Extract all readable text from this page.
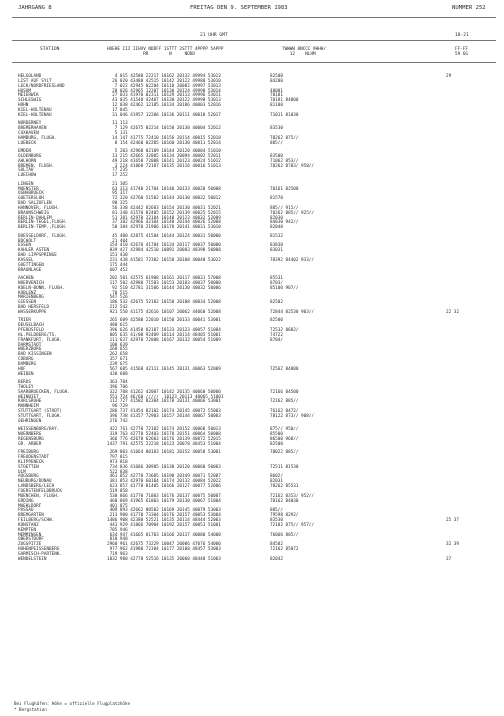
JAHRGANG 8	FREITAG DEN 9. SEPTEMBER 1983	NUMMER 252
21 UHR GMT	18-21
STATION	HOEHE III IIHVV NDDFF 1STTT 2STTT 4PPPP 5APPP
RR        N     NDDD
7WWWW 8NCCC 9HHH/
12    NLHM
FF-FF
59 GG
HELGOLAND	4 015 42580 22217 10162 20132 49994 53013	82500	29
LIST AUF SYLT	26 020 43480 42515 10142 20122 49980 53010	84200
LECK/NORDFRIESLAND	7 022 42945 02204 10110 20082 49997 53013
HUSUM	28 026 42965 12207 10130 20124 49998 53014	40001
MEIERWIK	27 033 41970 02311 10129 20113 49996 53011	70181
SCHLESWIG	43 035 41540 42407 10138 20122 49998 53013	70181 84800
HOHN	12 038 42462 12105 10134 20106 40003 52016	81100
KIEL-HOLTENAU	17 045
KIEL-HOLTENAU	31 046 41957 12206 10136 20111 40010 52017	71011 81030
NORDERNEY	11 113
BREMERHAVEN	7 129 42675 02214 10150 20130 40004 52012	83530
CUXHAVEN	5 131
HAMBURG, FLUGH.	14 147 41775 72410 10156 20114 40015 52018	70262 875//
LUEBECK	8 154 42460 82205 10160 20130 40011 52014	885//
EMDEN	5 203 42960 02109 10144 20120 40004 51010
OLDENBURG	13 215 42665 32005 10134 20094 40002 52011	83500
AHLHORN	49 218 41650 72008 10141 20123 40024 51012	71062 853//
BREMEN, FLUGH.	3 224 41868 72107 10135 20116 40016 51013	70262 8703/ 958//
SOLTAU	77 235
LUECHOW	17 252
LINGEN	21 305
MUENSTER	63 313 41740 21704 10140 20133 40020 50008	70161 82500
OSNABRUECK	95 317
GUETERSLOH	72 320 42760 51502 10144 20130 40032 50012	81570
BAD SALZUFLEN	98 325
HANNOVER, FLUGH.	56 338 42442 82603 10154 20130 40031 52021	885// 915//
BRAUNSCHWEIG	81 348 41570 82405 10152 20139 40025 52015	70262 885// 925//
BERLIN-DAHLEM	51 381 42970 22104 10148 20123 40032 52009	82030
BERLIN-TEGEL,FLUGH.	37 382 42966 42104 10148 20144 40026 52008	84030 942//
BERLIN-TEMP.,FLUGH.	50 384 42970 21906 10170 20141 40031 53010	82040
DUESSELDORF, FLUGH.	45 400 42875 41504 10144 20124 40031 50000	81532
BOCHOLT	21 404
ESSEN	154 410 42670 41704 10134 20117 40037 50000	83830
KAHLER ASTEN	839 427 42984 42510 10091 20083 48390 50008	83031
BAD LIPPSPRINGE	151 430
KASSEL	231 438 41581 72302 10158 20108 40040 53022	70392 84402 933//
GOETTINGEN	175 444
BRAUNLAGE	607 452
AACHEN	202 501 42575 61908 10161 20117 40031 57008	85531
NOERVENICH	117 502 42980 71503 10153 20103 40037 50000	8703/
KOELN-BONN, FLUGH.	92 510 42781 31506 10144 20130 40032 50006	85100 907//
KOBLENZ	70 515
MARIENBERG	547 526
GIESSEN	186 532 42675 52102 10158 20108 40034 52008	82502
BAD HERSFELD	212 542
WASSERKUPPE	921 550 41175 42616 10107 20062 44060 52008	72844 82530 903//	22 32
TRIER	265 609 42580 22010 10150 20133 40041 53001	82500
DEUSELBACH	480 615
PFERDSFELD	396 626 41450 82107 10133 20123 40057 51004	72532 8682/
HL.PELDBERG/TS.	805 635 41/00 92409 10114 20114 48405 51001	74722
FRANKFURT, FLUGH.	111 637 42970 72008 10167 20132 40054 51009	8704/
DARMSTADT	108 639
WUERZBURG	268 655
BAD KISSINGEN	262 658
COBURG	357 671
BAMBERG	239 675
HOF	567 685 41568 42111 10145 20131 40063 52009	72562 84800
WEIDEN	438 688
BERUS	363 704
THOLEY	396 706
SAARBRUECKEN, FLUGH.	322 708 41262 42007 10142 20135 40060 50000	72166 84500
WEINBIET	553 724 46/60 /////  10123 20113 40065 51001
KARLSRUHE	112 727 41582 82304 10178 20131 40066 53001	72162 885//
MANNHEIM	96 729
STUTTGART (STADT)	286 737 41454 82102 10174 20145 40072 55003	76162 8472/
STUTTGART, FLUGH.	396 738 41357 72903 10157 20144 40067 50003	78122 873// 908//
OEHRINGEN	276 742
WEISSENBURG/BAY.	422 761 42770 72102 10174 20152 40068 50013	875// 950//
NUERNBERG	319 763 42770 52403 10178 20151 40064 50008	85500
REGENSBURG	366 776 42670 62603 10176 20139 40072 52015	86500 968//
GR. ARBER	1437 791 42575 22218 10123 20078 48453 51004	82500
FREIBURG	269 803 41664 80103 10181 20152 40058 53001	78022 885//
FREUDENSTADT	797 815
KLIPPENECK	973 818
STOETTEN	734 836 41686 30905 10130 20120 40060 50003	72511 81530
ULM	522 838
AUGSBURG	461 852 42770 73605 10190 20149 40071 52007	8602/
NEUBURG/DONAU	381 853 42970 60104 10174 20132 40084 52022	82031
LANDSBERG/LECH	623 857 41770 81405 10166 20127 40077 52006	70262 85531
FUERSTENFELDBRUCK	519 858
MUENCHEN, FLUGH.	530 866 41770 71803 10176 20137 40075 50007	72162 8353/ 952//
ERDING	460 869 41965 61803 10179 20130 40067 51004	70162 84030
MUEHLDORF	401 875
PASSAU	409 893 42662 80502 10169 20145 40079 53003	885//
BREMGARTEN	213 900 41770 73304 10176 20157 40053 53004	79598 8292/
FEILBERG/SCHW.	1486 908 42380 52521 10135 20114 48444 52003	83530	25 37
KONSTANZ	443 929 41866 70904 10192 20157 40053 51001	72182 875// 957//
KEMPTEN	705 946
MEMMINGEN	634 947 41665 81703 10166 20137 40080 54000	76066 885//
OBERSTDORF	810 948
ZUGSPITZE	2960 961 42675 73229 10047 20006 47076 54000	84502	32 39
HOHENPEISSENBERG	977 962 41980 72304 10177 20108 48457 53003	72162 85072
GARMISCH-PARTENK.	719 963
WENDELSTEIN	1832 980 42778 52516 10135 20060 48448 51003	82042	37
Bei Flughäfen: Höhe = offizielle Flugplatzhöhe
* Bergstation
